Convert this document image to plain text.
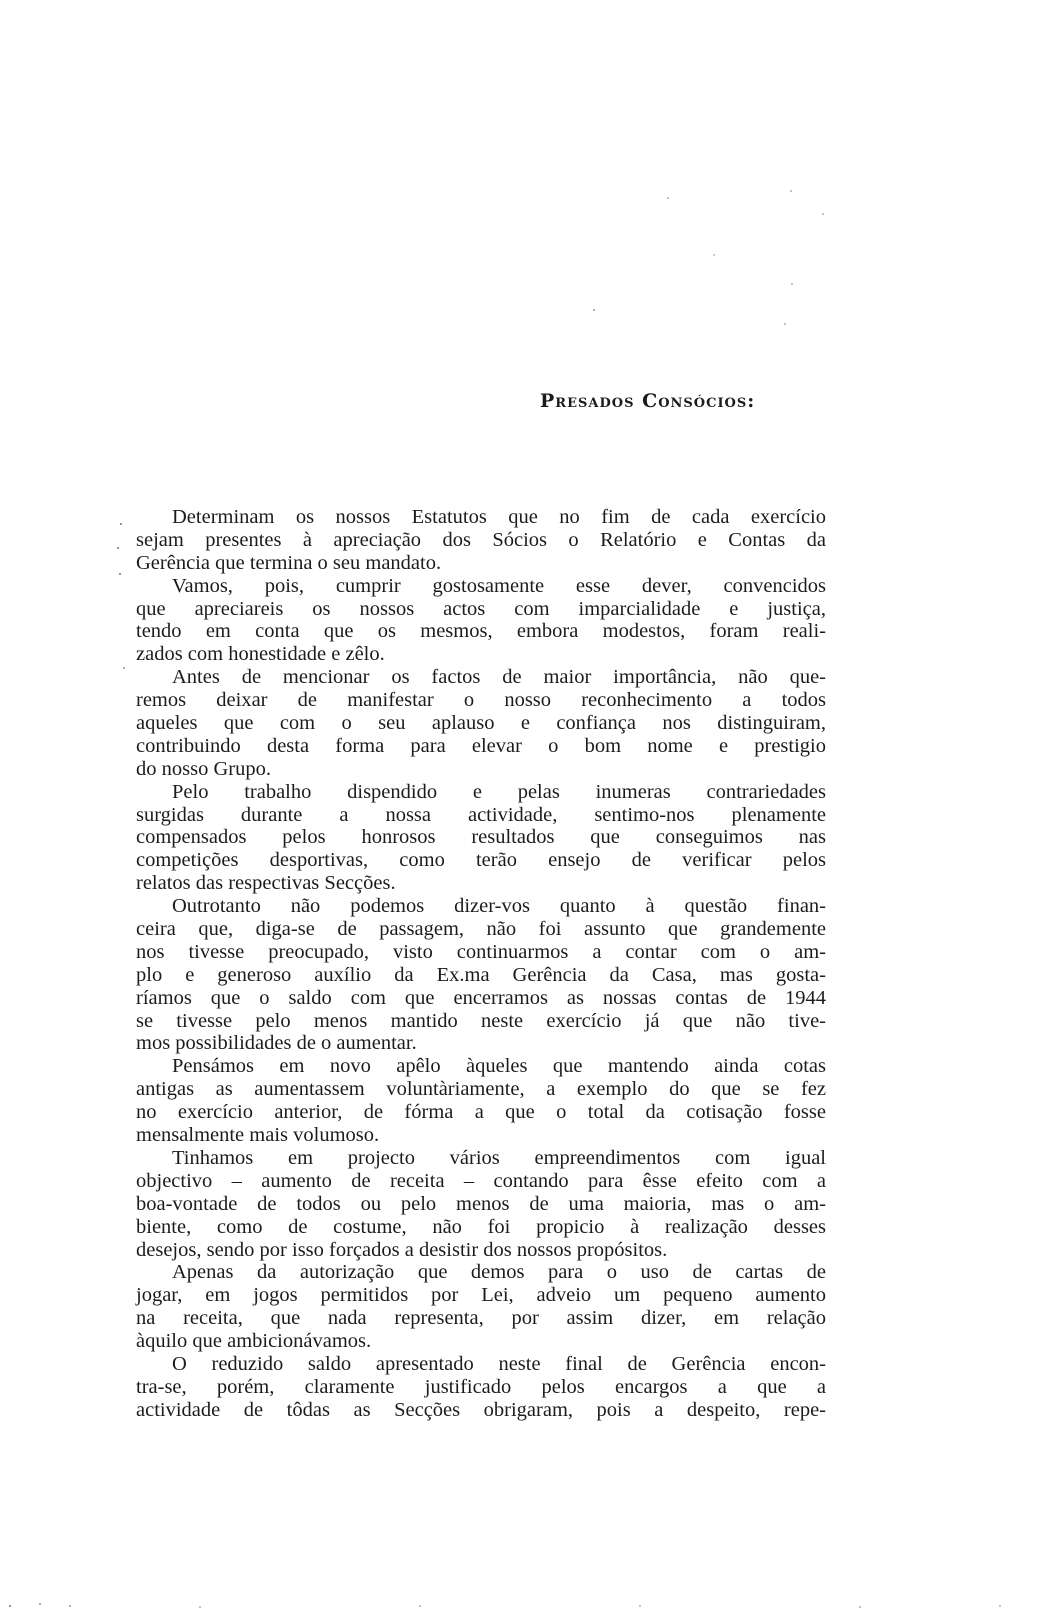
Presados Consócios:
Determinam os nossos Estatutos que no fim de cada exercício
sejam presentes à apreciação dos Sócios o Relatório e Contas da
Gerência que termina o seu mandato.
Vamos, pois, cumprir gostosamente esse dever, convencidos
que apreciareis os nossos actos com imparcialidade e justiça,
tendo em conta que os mesmos, embora modestos, foram reali-
zados com honestidade e zêlo.
Antes de mencionar os factos de maior importância, não que-
remos deixar de manifestar o nosso reconhecimento a todos
aqueles que com o seu aplauso e confiança nos distinguiram,
contribuindo desta forma para elevar o bom nome e prestigio
do nosso Grupo.
Pelo trabalho dispendido e pelas inumeras contrariedades
surgidas durante a nossa actividade, sentimo-nos plenamente
compensados pelos honrosos resultados que conseguimos nas
competições desportivas, como terão ensejo de verificar pelos
relatos das respectivas Secções.
Outrotanto não podemos dizer-vos quanto à questão finan-
ceira que, diga-se de passagem, não foi assunto que grandemente
nos tivesse preocupado, visto continuarmos a contar com o am-
plo e generoso auxílio da Ex.ma Gerência da Casa, mas gosta-
ríamos que o saldo com que encerramos as nossas contas de 1944
se tivesse pelo menos mantido neste exercício já que não tive-
mos possibilidades de o aumentar.
Pensámos em novo apêlo àqueles que mantendo ainda cotas
antigas as aumentassem voluntàriamente, a exemplo do que se fez
no exercício anterior, de fórma a que o total da cotisação fosse
mensalmente mais volumoso.
Tinhamos em projecto vários empreendimentos com igual
objectivo – aumento de receita – contando para êsse efeito com a
boa-vontade de todos ou pelo menos de uma maioria, mas o am-
biente, como de costume, não foi propicio à realização desses
desejos, sendo por isso forçados a desistir dos nossos propósitos.
Apenas da autorização que demos para o uso de cartas de
jogar, em jogos permitidos por Lei, adveio um pequeno aumento
na receita, que nada representa, por assim dizer, em relação
àquilo que ambicionávamos.
O reduzido saldo apresentado neste final de Gerência encon-
tra-se, porém, claramente justificado pelos encargos a que a
actividade de tôdas as Secções obrigaram, pois a despeito, repe-
